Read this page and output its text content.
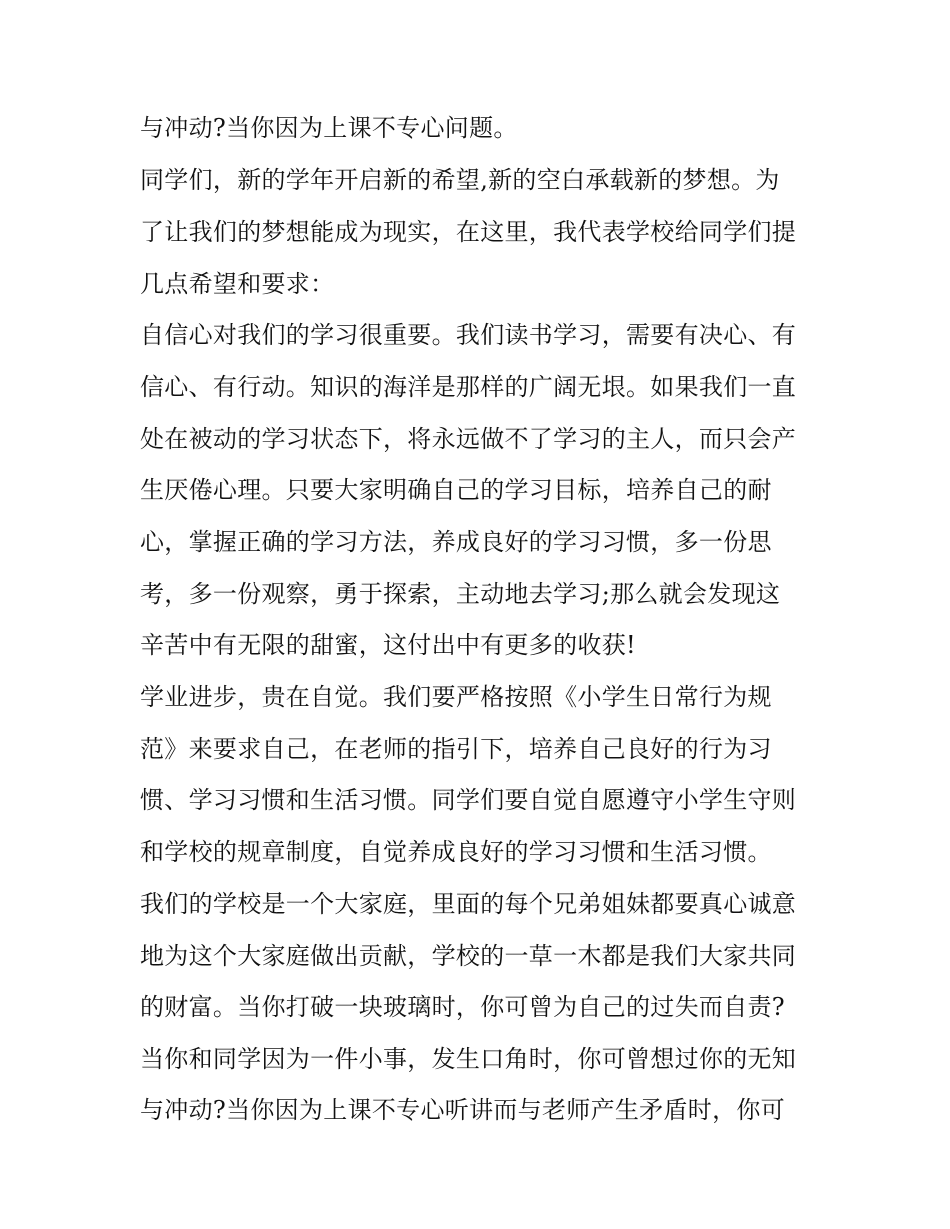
与冲动?当你因为上课不专心问题。
同学们，新的学年开启新的希望,新的空白承载新的梦想。为
了让我们的梦想能成为现实，在这里，我代表学校给同学们提
几点希望和要求：
自信心对我们的学习很重要。我们读书学习，需要有决心、有
信心、有行动。知识的海洋是那样的广阔无垠。如果我们一直
处在被动的学习状态下，将永远做不了学习的主人，而只会产
生厌倦心理。只要大家明确自己的学习目标，培养自己的耐
心，掌握正确的学习方法，养成良好的学习习惯，多一份思
考，多一份观察，勇于探索，主动地去学习;那么就会发现这
辛苦中有无限的甜蜜，这付出中有更多的收获!
学业进步，贵在自觉。我们要严格按照《小学生日常行为规
范》来要求自己，在老师的指引下，培养自己良好的行为习
惯、学习习惯和生活习惯。同学们要自觉自愿遵守小学生守则
和学校的规章制度，自觉养成良好的学习习惯和生活习惯。
我们的学校是一个大家庭，里面的每个兄弟姐妹都要真心诚意
地为这个大家庭做出贡献，学校的一草一木都是我们大家共同
的财富。当你打破一块玻璃时，你可曾为自己的过失而自责?
当你和同学因为一件小事，发生口角时，你可曾想过你的无知
与冲动?当你因为上课不专心听讲而与老师产生矛盾时，你可
